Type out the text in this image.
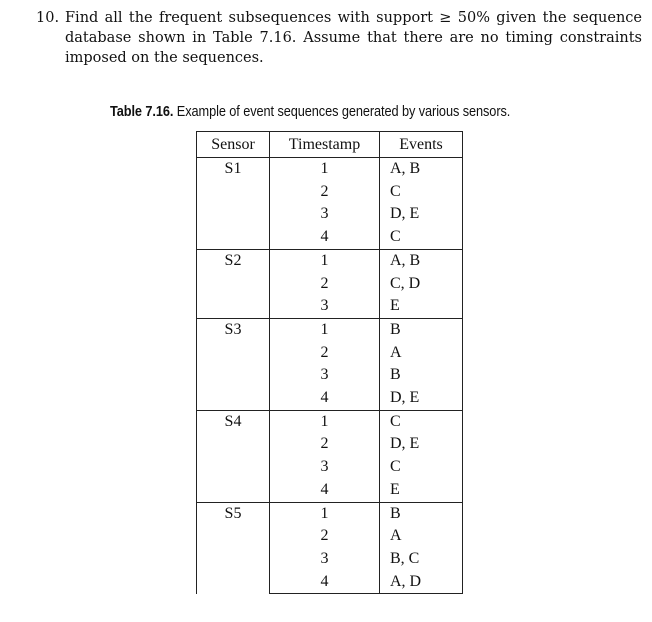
10. Find all the frequent subsequences with support ≥ 50% given the sequence database shown in Table 7.16. Assume that there are no timing constraints imposed on the sequences.
Table 7.16. Example of event sequences generated by various sensors.
Sensor	Timestamp	Events
S1	1	A, B
	2	C
	3	D, E
	4	C
S2	1	A, B
	2	C, D
	3	E
S3	1	B
	2	A
	3	B
	4	D, E
S4	1	C
	2	D, E
	3	C
	4	E
S5	1	B
	2	A
	3	B, C
	4	A, D
